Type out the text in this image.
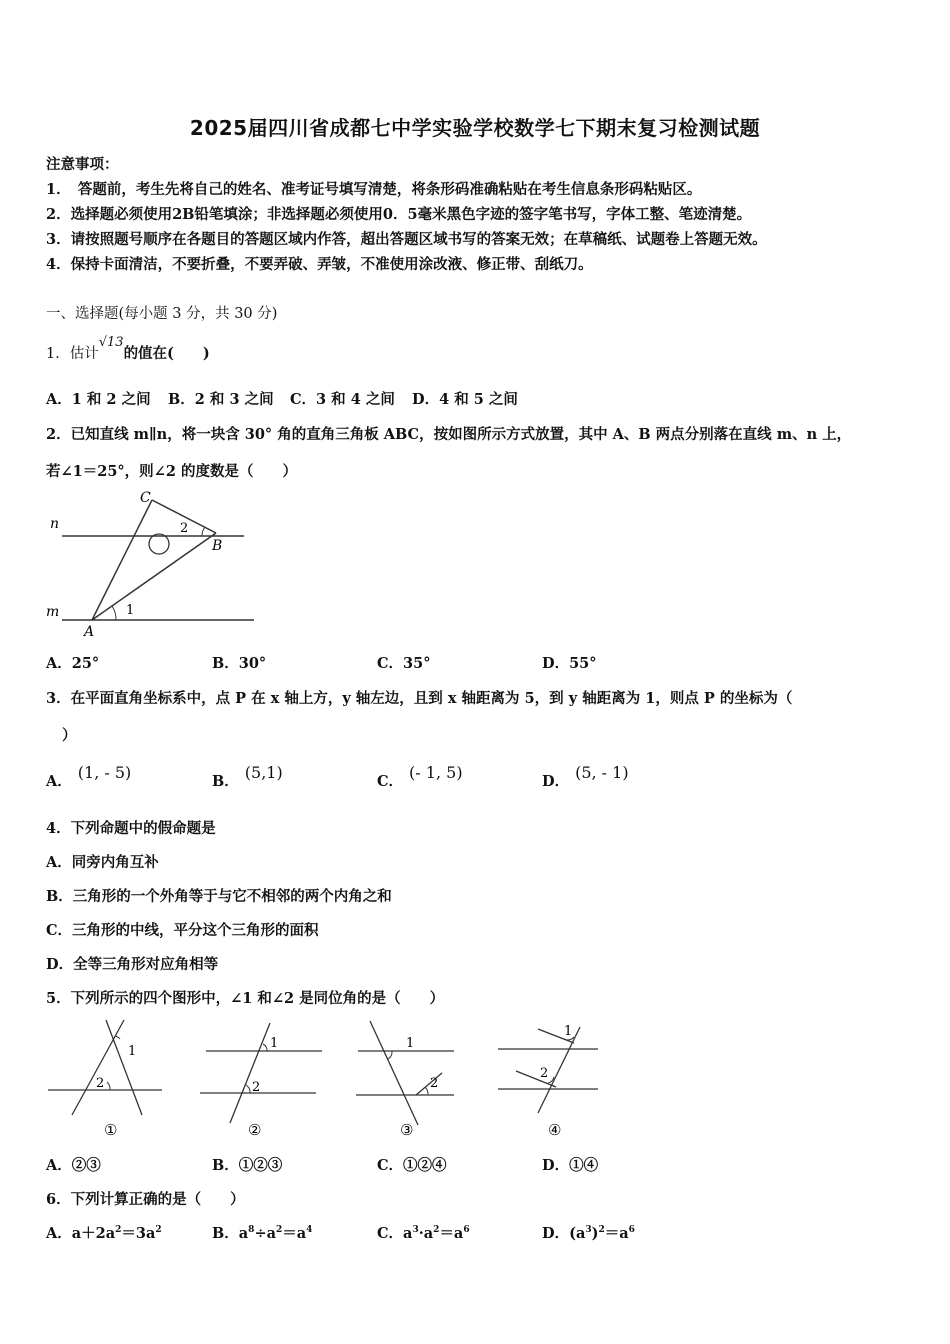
2025届四川省成都七中学实验学校数学七下期末复习检测试题
注意事项：
1．　答题前，考生先将自己的姓名、准考证号填写清楚，将条形码准确粘贴在考生信息条形码粘贴区。
2．选择题必须使用2B铅笔填涂；非选择题必须使用0．5毫米黑色字迹的签字笔书写，字体工整、笔迹清楚。
3．请按照题号顺序在各题目的答题区域内作答，超出答题区域书写的答案无效；在草稿纸、试题卷上答题无效。
4．保持卡面清洁，不要折叠，不要弄破、弄皱，不准使用涂改液、修正带、刮纸刀。
一、选择题(每小题 3 分，共 30 分)
1．估计√13的值在(　　)
A．1 和 2 之间 B．2 和 3 之间 C．3 和 4 之间 D．4 和 5 之间
2．已知直线 m∥n，将一块含 30° 角的直角三角板 ABC，按如图所示方式放置，其中 A、B 两点分别落在直线 m、n 上，
若∠1＝25°，则∠2 的度数是（　　）
n
m
A
B
C
1
2
A．25°	B．30°	C．35°	D．55°
3．在平面直角坐标系中，点 P 在 x 轴上方，y 轴左边，且到 x 轴距离为 5，到 y 轴距离为 1，则点 P 的坐标为（
）
A． (1, - 5)	B． (5,1)	C． (- 1, 5)	D． (5, - 1)
4．下列命题中的假命题是
A．同旁内角互补
B．三角形的一个外角等于与它不相邻的两个内角之和
C．三角形的中线，平分这个三角形的面积
D．全等三角形对应角相等
5．下列所示的四个图形中，∠1 和∠2 是同位角的是（　　）
1
2
①
1
2
②
1
2
③
1
2
④
A．②③	B．①②③	C．①②④	D．①④
6．下列计算正确的是（　　）
A．$a+2a^2=3a^2$	B．$a^8\div a^2=a^4$	C．$a^3\cdot a^2=a^6$	D．$(a^3)^2=a^6$
